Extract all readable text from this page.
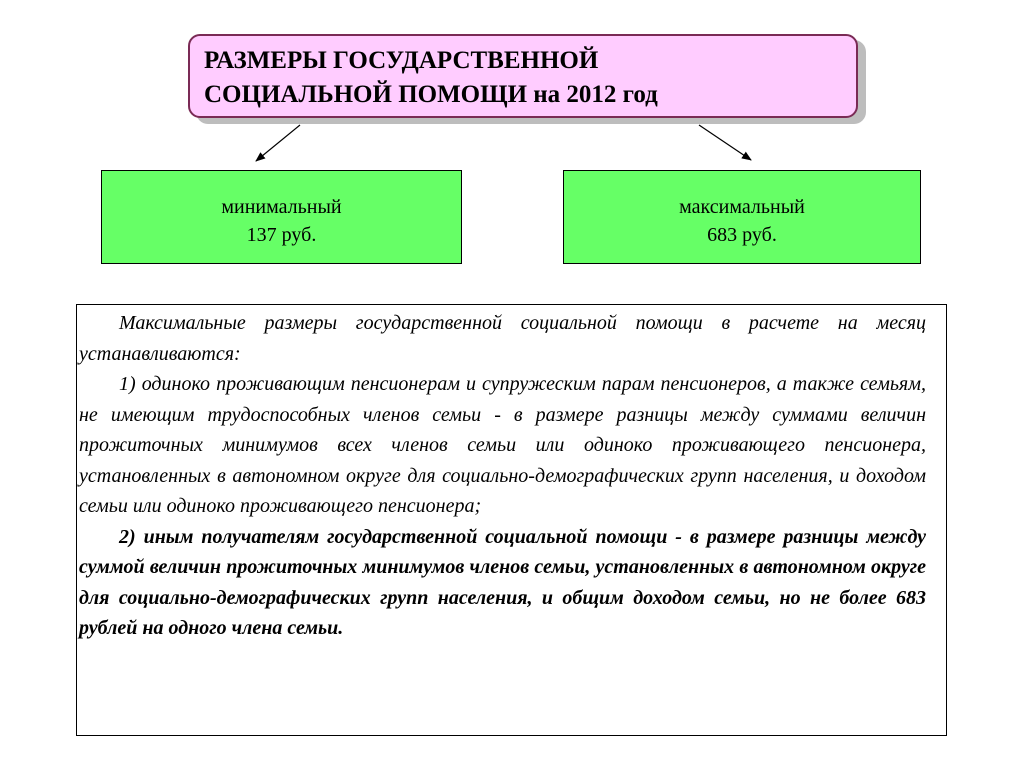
РАЗМЕРЫ ГОСУДАРСТВЕННОЙ
СОЦИАЛЬНОЙ ПОМОЩИ на 2012 год
минимальный
137 руб.
максимальный
683 руб.

Максимальные размеры государственной социальной помощи в расчете на месяц устанавливаются:

1) одиноко проживающим пенсионерам и супружеским парам пенсионеров, а также семьям, не имеющим трудоспособных членов семьи - в размере разницы между суммами величин прожиточных минимумов всех членов семьи или одиноко проживающего пенсионера, установленных в автономном округе для социально-демографических групп населения, и доходом семьи или одиноко проживающего пенсионера;

2) иным получателям государственной социальной помощи - в размере разницы между суммой величин прожиточных минимумов членов семьи, установленных в автономном округе для социально-демографических групп населения, и общим доходом семьи, но не более 683 рублей на одного члена семьи.
